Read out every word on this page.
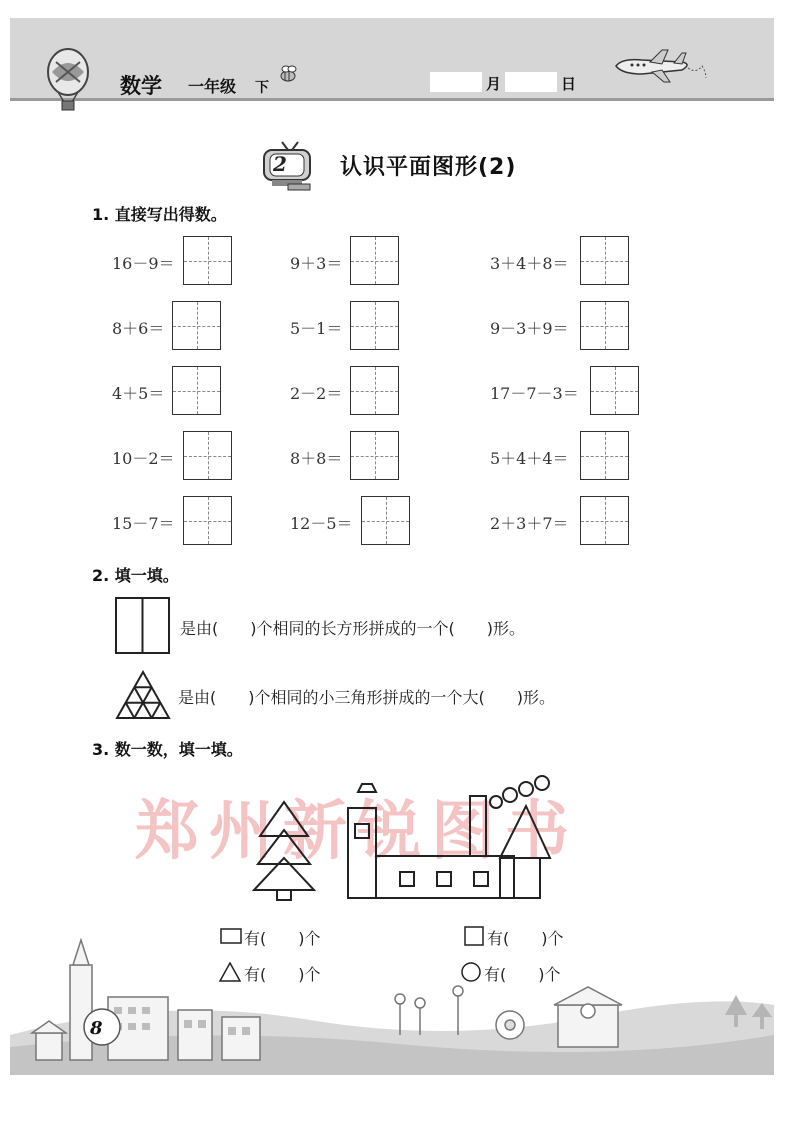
数学 一年级 下	月	日
2 认识平面图形(2)
1. 直接写出得数。
16－9＝	9＋3＝	3＋4＋8＝
8＋6＝	5－1＝	9－3＋9＝
4＋5＝	2－2＝	17－7－3＝
10－2＝	8＋8＝	5＋4＋4＝
15－7＝	12－5＝	2＋3＋7＝
2. 填一填。
是由(　　)个相同的长方形拼成的一个(　　)形。
是由(　　)个相同的小三角形拼成的一个大(　　)形。
3. 数一数，填一填。
郑州新锐图书
有(　　)个	有(　　)个
有(　　)个	有(　　)个
8
